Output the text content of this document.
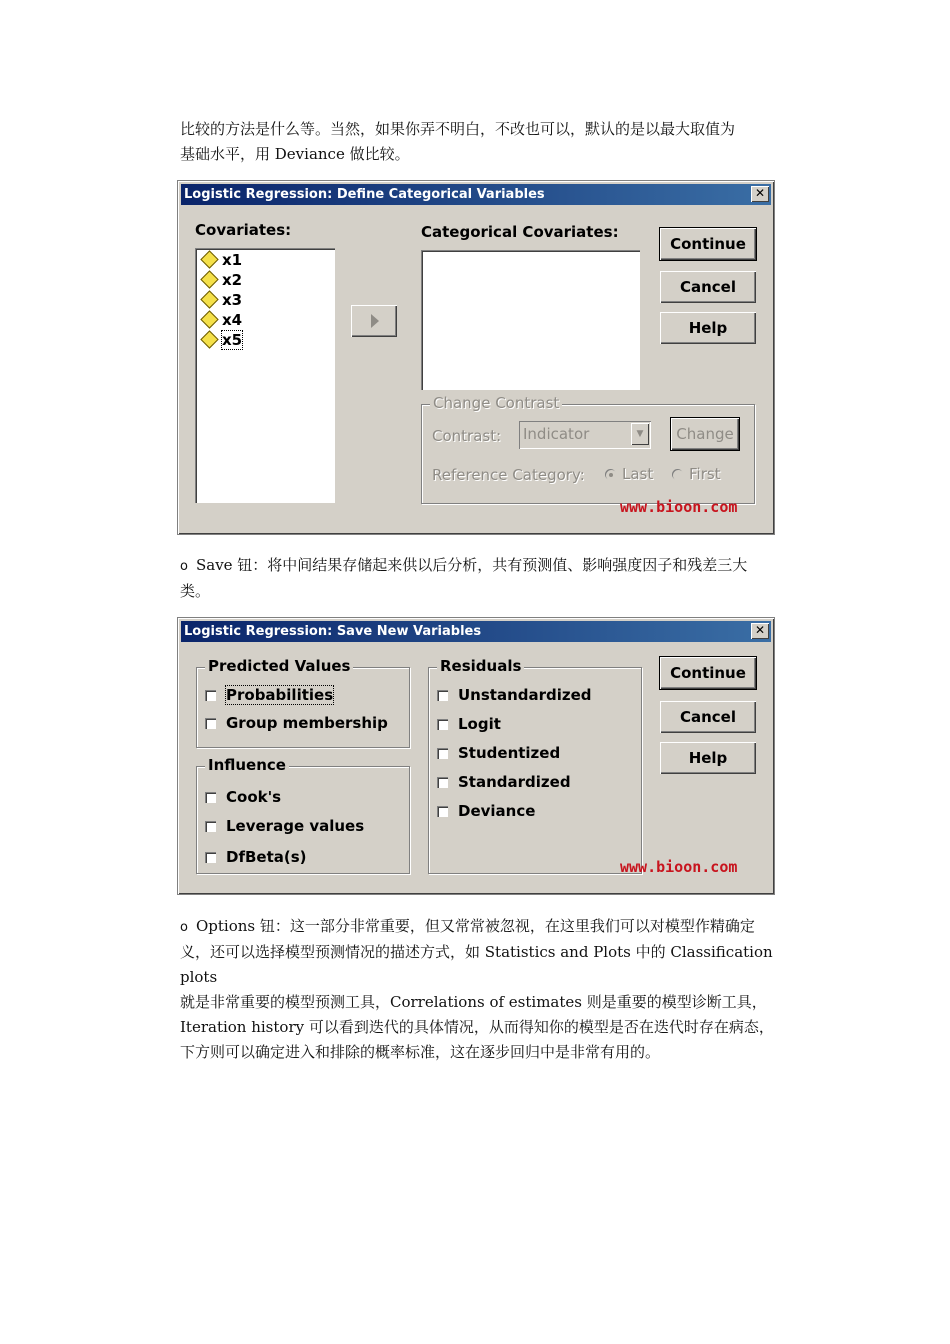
比较的方法是什么等。当然，如果你弄不明白，不改也可以，默认的是以最大取值为
基础水平，用 Deviance 做比较。

Logistic Regression: Define Categorical Variables	✕
Covariates:
x1
x2
x3
x4
x5
Categorical Covariates:
Continue
Cancel
Help
Change Contrast
Contrast: Indicator	▼	Change
Reference Category:	Last	First
www.bioon.com

o Save 钮：将中间结果存储起来供以后分析，共有预测值、影响强度因子和残差三大
类。

Logistic Regression: Save New Variables	✕
Predicted Values
Probabilities
Group membership
Influence
Cook's
Leverage values
DfBeta(s)
Residuals
Unstandardized
Logit
Studentized
Standardized
Deviance
Continue
Cancel
Help
www.bioon.com

o Options 钮：这一部分非常重要，但又常常被忽视，在这里我们可以对模型作精确定
义，还可以选择模型预测情况的描述方式，如 Statistics and Plots 中的 Classification plots
就是非常重要的模型预测工具，Correlations of estimates 则是重要的模型诊断工具，
Iteration history 可以看到迭代的具体情况，从而得知你的模型是否在迭代时存在病态，
下方则可以确定进入和排除的概率标准，这在逐步回归中是非常有用的。
